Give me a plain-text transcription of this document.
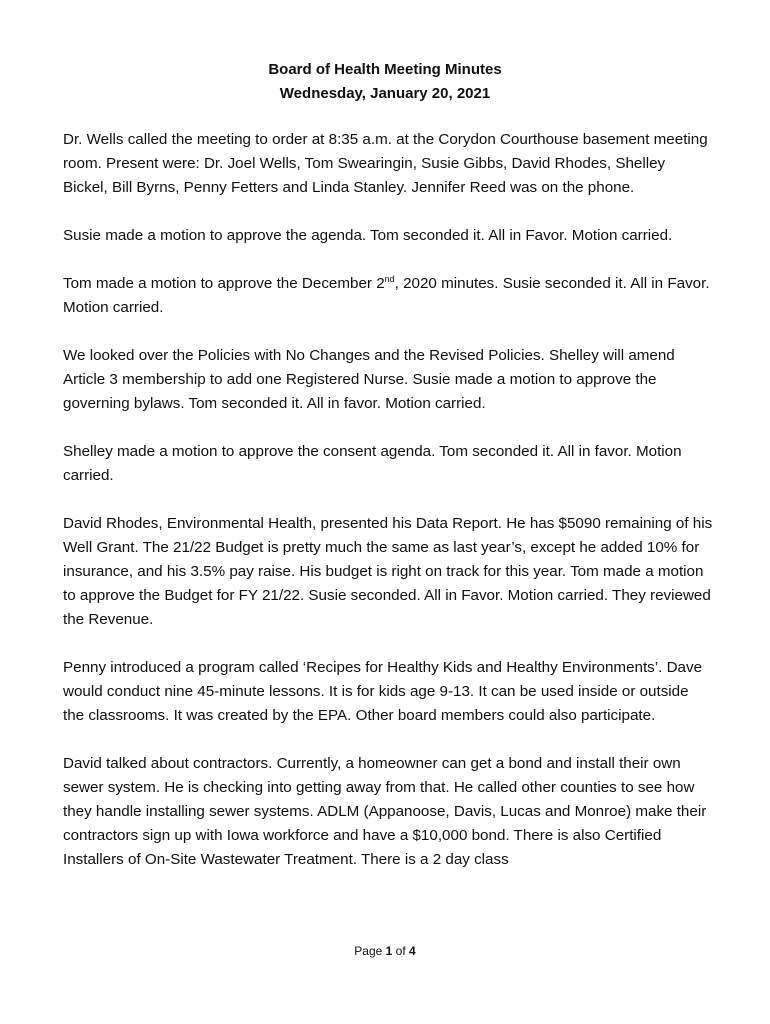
Board of Health Meeting Minutes
Wednesday, January 20, 2021

Dr. Wells called the meeting to order at 8:35 a.m. at the Corydon Courthouse basement meeting room. Present were: Dr. Joel Wells, Tom Swearingin, Susie Gibbs, David Rhodes, Shelley Bickel, Bill Byrns, Penny Fetters and Linda Stanley. Jennifer Reed was on the phone.

Susie made a motion to approve the agenda. Tom seconded it. All in Favor. Motion carried.

Tom made a motion to approve the December 2nd, 2020 minutes. Susie seconded it. All in Favor. Motion carried.

We looked over the Policies with No Changes and the Revised Policies. Shelley will amend Article 3 membership to add one Registered Nurse. Susie made a motion to approve the governing bylaws. Tom seconded it. All in favor. Motion carried.

Shelley made a motion to approve the consent agenda. Tom seconded it. All in favor. Motion carried.

David Rhodes, Environmental Health, presented his Data Report. He has $5090 remaining of his Well Grant. The 21/22 Budget is pretty much the same as last year’s, except he added 10% for insurance, and his 3.5% pay raise. His budget is right on track for this year. Tom made a motion to approve the Budget for FY 21/22. Susie seconded. All in Favor. Motion carried. They reviewed the Revenue.

Penny introduced a program called ‘Recipes for Healthy Kids and Healthy Environments’. Dave would conduct nine 45-minute lessons. It is for kids age 9-13. It can be used inside or outside the classrooms. It was created by the EPA. Other board members could also participate.

David talked about contractors. Currently, a homeowner can get a bond and install their own sewer system. He is checking into getting away from that. He called other counties to see how they handle installing sewer systems. ADLM (Appanoose, Davis, Lucas and Monroe) make their contractors sign up with Iowa workforce and have a $10,000 bond. There is also Certified Installers of On-Site Wastewater Treatment. There is a 2 day class

Page 1 of 4
